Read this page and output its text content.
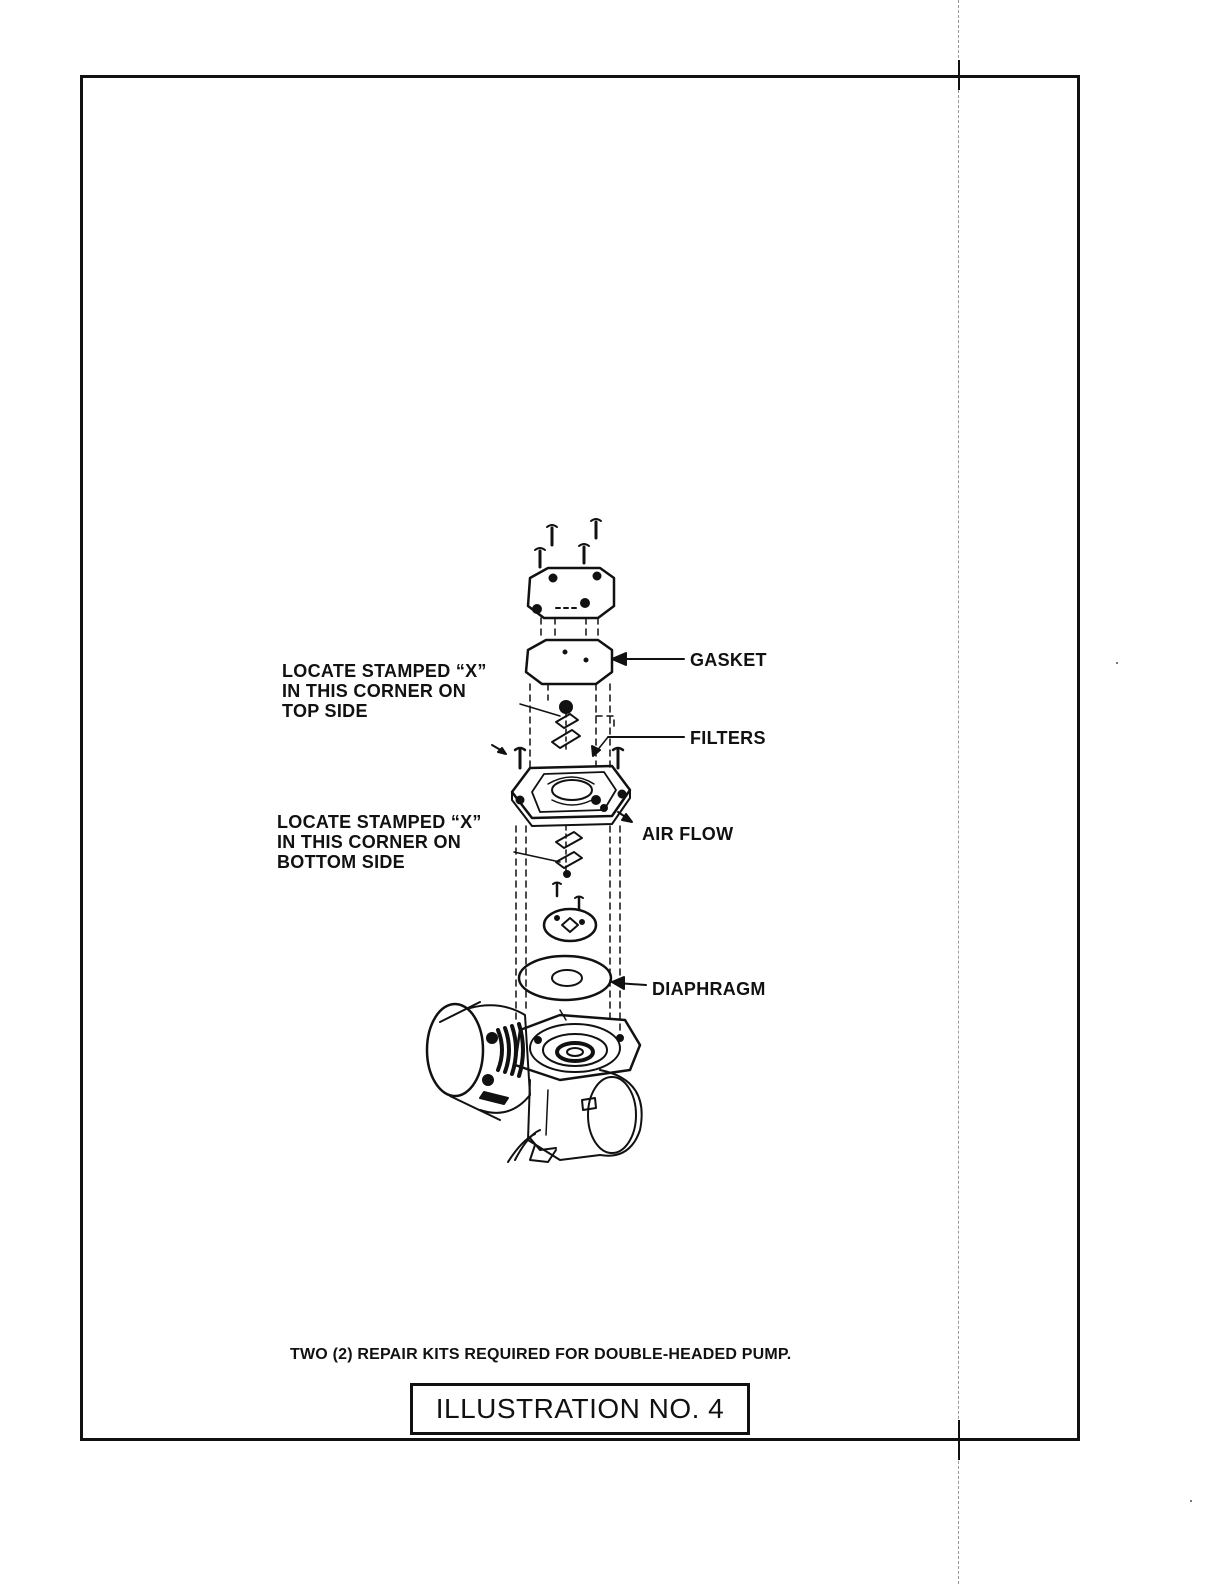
GASKET
FILTERS
AIR FLOW
DIAPHRAGM
LOCATE STAMPED “X”
IN THIS CORNER ON
TOP SIDE
LOCATE STAMPED “X”
IN THIS CORNER ON
BOTTOM SIDE
TWO (2) REPAIR KITS REQUIRED FOR DOUBLE-HEADED PUMP.
ILLUSTRATION NO. 4
